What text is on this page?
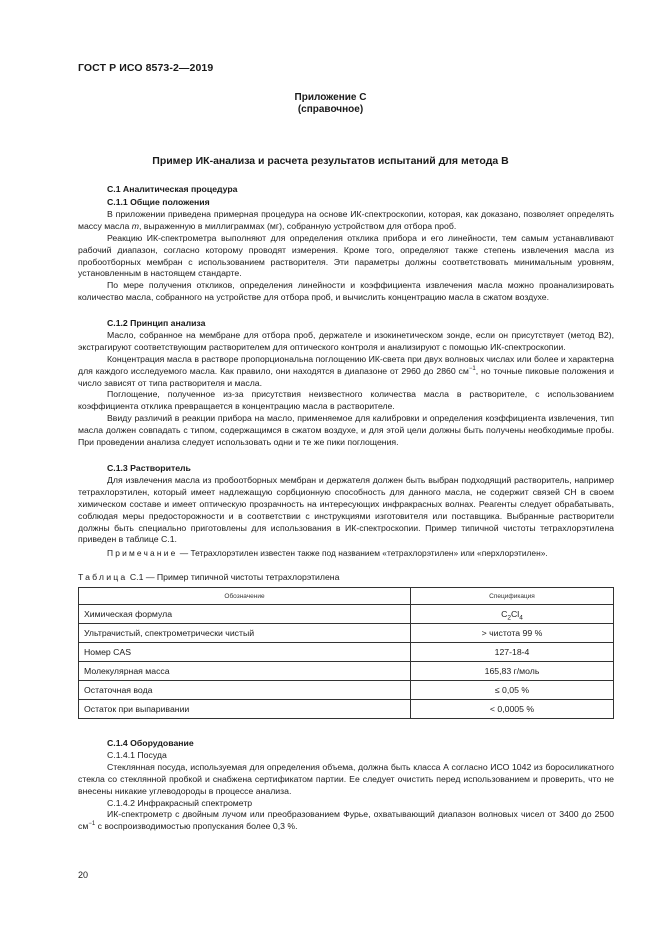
ГОСТ Р ИСО 8573-2—2019
Приложение С
(справочное)
Пример ИК-анализа и расчета результатов испытаний для метода В
С.1 Аналитическая процедура
С.1.1 Общие положения

В приложении приведена примерная процедура на основе ИК-спектроскопии, которая, как доказано, позволяет определять массу масла m, выраженную в миллиграммах (мг), собранную устройством для отбора проб.

Реакцию ИК-спектрометра выполняют для определения отклика прибора и его линейности, тем самым устанавливают рабочий диапазон, согласно которому проводят измерения. Кроме того, определяют также степень извлечения масла из пробоотборных мембран с использованием растворителя. Эти параметры должны соответствовать минимальным уровням, установленным в настоящем стандарте.

По мере получения откликов, определения линейности и коэффициента извлечения масла можно проанализировать количество масла, собранного на устройстве для отбора проб, и вычислить концентрацию масла в сжатом воздухе.

С.1.2 Принцип анализа

Масло, собранное на мембране для отбора проб, держателе и изокинетическом зонде, если он присутствует (метод В2), экстрагируют соответствующим растворителем для оптического контроля и анализируют с помощью ИК-спектроскопии.

Концентрация масла в растворе пропорциональна поглощению ИК-света при двух волновых числах или более и характерна для каждого исследуемого масла. Как правило, они находятся в диапазоне от 2960 до 2860 $см^{-1}$, но точные пиковые положения и число зависят от типа растворителя и масла.

Поглощение, полученное из-за присутствия неизвестного количества масла в растворителе, с использованием коэффициента отклика превращается в концентрацию масла в растворителе.

Ввиду различий в реакции прибора на масло, применяемое для калибровки и определения коэффициента извлечения, тип масла должен совпадать с типом, содержащимся в сжатом воздухе, и для этой цели должны быть получены необходимые пробы. При проведении анализа следует использовать одни и те же пики поглощения.

С.1.3 Растворитель

Для извлечения масла из пробоотборных мембран и держателя должен быть выбран подходящий растворитель, например тетрахлорэтилен, который имеет надлежащую сорбционную способность для данного масла, не содержит связей CH в своем химическом составе и имеет оптическую прозрачность на интересующих инфракрасных волнах. Реагенты следует обрабатывать, соблюдая меры предосторожности и в соответствии с инструкциями изготовителя или поставщика. Выбранные растворители должны быть специально приготовлены для использования в ИК-спектроскопии. Пример типичной чистоты тетрахлорэтилена приведен в таблице С.1.

Примечание — Тетрахлорэтилен известен также под названием «тетрахлорэтилен» или «перхлорэтилен».
Таблица С.1 — Пример типичной чистоты тетрахлорэтилена
Обозначение	Спецификация
Химическая формула	$C_2Cl_4$
Ультрачистый, спектрометрически чистый	> чистота 99 %
Номер CAS	127-18-4
Молекулярная масса	165,83 г/моль
Остаточная вода	≤ 0,05 %
Остаток при выпаривании	< 0,0005 %
С.1.4 Оборудование
С.1.4.1 Посуда

Стеклянная посуда, используемая для определения объема, должна быть класса А согласно ИСО 1042 из боросиликатного стекла со стеклянной пробкой и снабжена сертификатом партии. Ее следует очистить перед использованием и проверить, что не внесены никакие углеводороды в процессе анализа.

С.1.4.2 Инфракрасный спектрометр

ИК-спектрометр с двойным лучом или преобразованием Фурье, охватывающий диапазон волновых чисел от 3400 до 2500 $см^{-1}$ с воспроизводимостью пропускания более 0,3 %.

20
